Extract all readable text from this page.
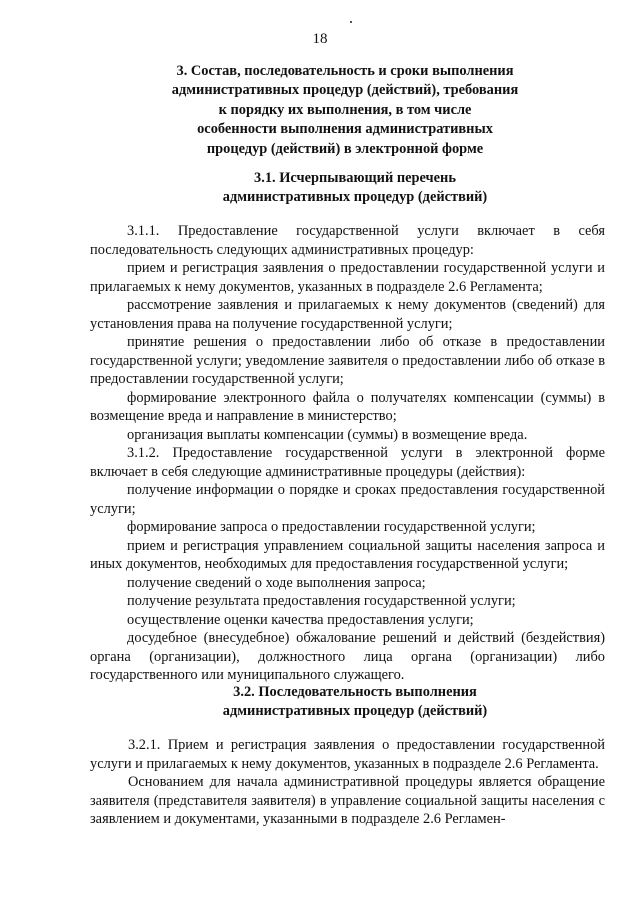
18
3. Состав, последовательность и сроки выполнения
административных процедур (действий), требования
к порядку их выполнения, в том числе
особенности выполнения административных
процедур (действий) в электронной форме
3.1. Исчерпывающий перечень
административных процедур (действий)

3.1.1. Предоставление государственной услуги включает в себя последовательность следующих административных процедур:

прием и регистрация заявления о предоставлении государственной услуги и прилагаемых к нему документов, указанных в подразделе 2.6 Регламента;

рассмотрение заявления и прилагаемых к нему документов (сведений) для установления права на получение государственной услуги;

принятие решения о предоставлении либо об отказе в предоставлении государственной услуги; уведомление заявителя о предоставлении либо об отказе в предоставлении государственной услуги;

формирование электронного файла о получателях компенсации (суммы) в возмещение вреда и направление в министерство;

организация выплаты компенсации (суммы) в возмещение вреда.

3.1.2. Предоставление государственной услуги в электронной форме включает в себя следующие административные процедуры (действия):

получение информации о порядке и сроках предоставления государственной услуги;

формирование запроса о предоставлении государственной услуги;

прием и регистрация управлением социальной защиты населения запроса и иных документов, необходимых для предоставления государственной услуги;

получение сведений о ходе выполнения запроса;

получение результата предоставления государственной услуги;

осуществление оценки качества предоставления услуги;

досудебное (внесудебное) обжалование решений и действий (бездействия) органа (организации), должностного лица органа (организации) либо государственного или муниципального служащего.

3.2. Последовательность выполнения
административных процедур (действий)

3.2.1. Прием и регистрация заявления о предоставлении государственной услуги и прилагаемых к нему документов, указанных в подразделе 2.6 Регламента.

Основанием для начала административной процедуры является обращение заявителя (представителя заявителя) в управление социальной защиты населения с заявлением и документами, указанными в подразделе 2.6 Регламен-
